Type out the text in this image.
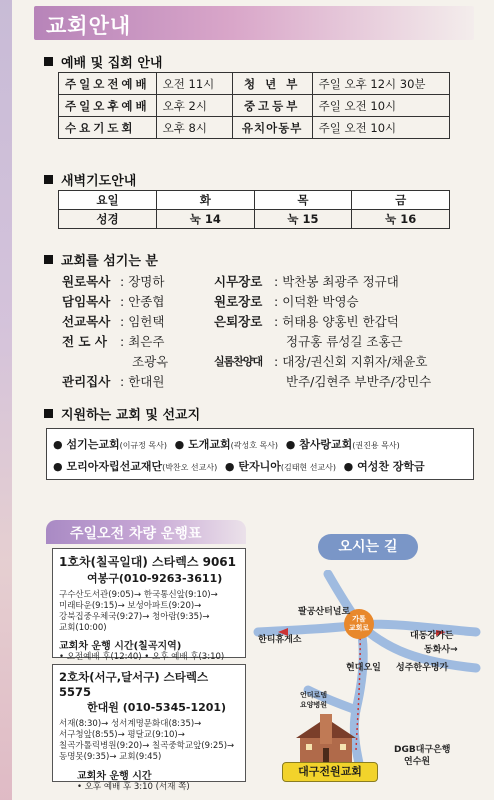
교회안내
예배 및 집회 안내
주일오전예배	오전 11시	청 년 부	주일 오후 12시 30분
주일오후예배	오후 2시	중고등부	주일 오전 10시
수요기도회	오후 8시	유치아동부	주일 오전 10시
새벽기도안내
요일	화	목	금
성경	눅 14	눅 15	눅 16
교회를 섬기는 분
원로목사 : 장명하
담임목사 : 안종협
선교목사 : 임헌택
전 도 사	: 최은주
조광옥
관리집사 : 한대원
시무장로 : 박찬봉 최광주 정규대
원로장로 : 이덕환 박영승
은퇴장로 : 허태용 양홍빈 한갑덕
정규홍 류성길 조홍근
실롬찬양대 : 대장/권신회 지휘자/채윤호
반주/김현주 부반주/강민수
지원하는 교회 및 선교지
● 섬기는교회(이규정 목사)  ● 도개교회(곽성호 목사)  ● 참사랑교회(권진용 목사)
● 모리아자립선교재단(박찬오 선교사)  ● 탄자니아(김태현 선교사)  ● 여성찬 장학금
주일오전 차량 운행표
1호차(칠곡일대) 스타렉스 9061
여봉구(010-9263-3611)
구수산도서관(9:05)→ 한국통신앞(9:10)→
미래타운(9:15)→ 보성아파트(9:20)→
강북집중우체국(9:27)→ 청아람(9:35)→
교회(10:00)
교회차 운행 시간(칠곡지역)
• 오전예배 후(12:40) • 오후 예배 후(3:10)
2호차(서구,달서구) 스타렉스 5575
한대원 (010-5345-1201)
서재(8:30)→ 성서계명문화대(8:35)→
서구청앞(8:55)→ 평달교(9:10)→
칠곡가톨릭병원(9:20)→ 칠곡중학교앞(9:25)→
동명못(9:35)→ 교회(9:45)
교회차 운행 시간
• 오후 예배 후 3:10 (서재 쪽)
오시는 길
가톨
교회로
팔공산터널로
한티휴게소	대동강가든
동화사→
현대오일 성주한우명가
언더로뎀
요양병원
DGB대구은행
연수원
대구전원교회
